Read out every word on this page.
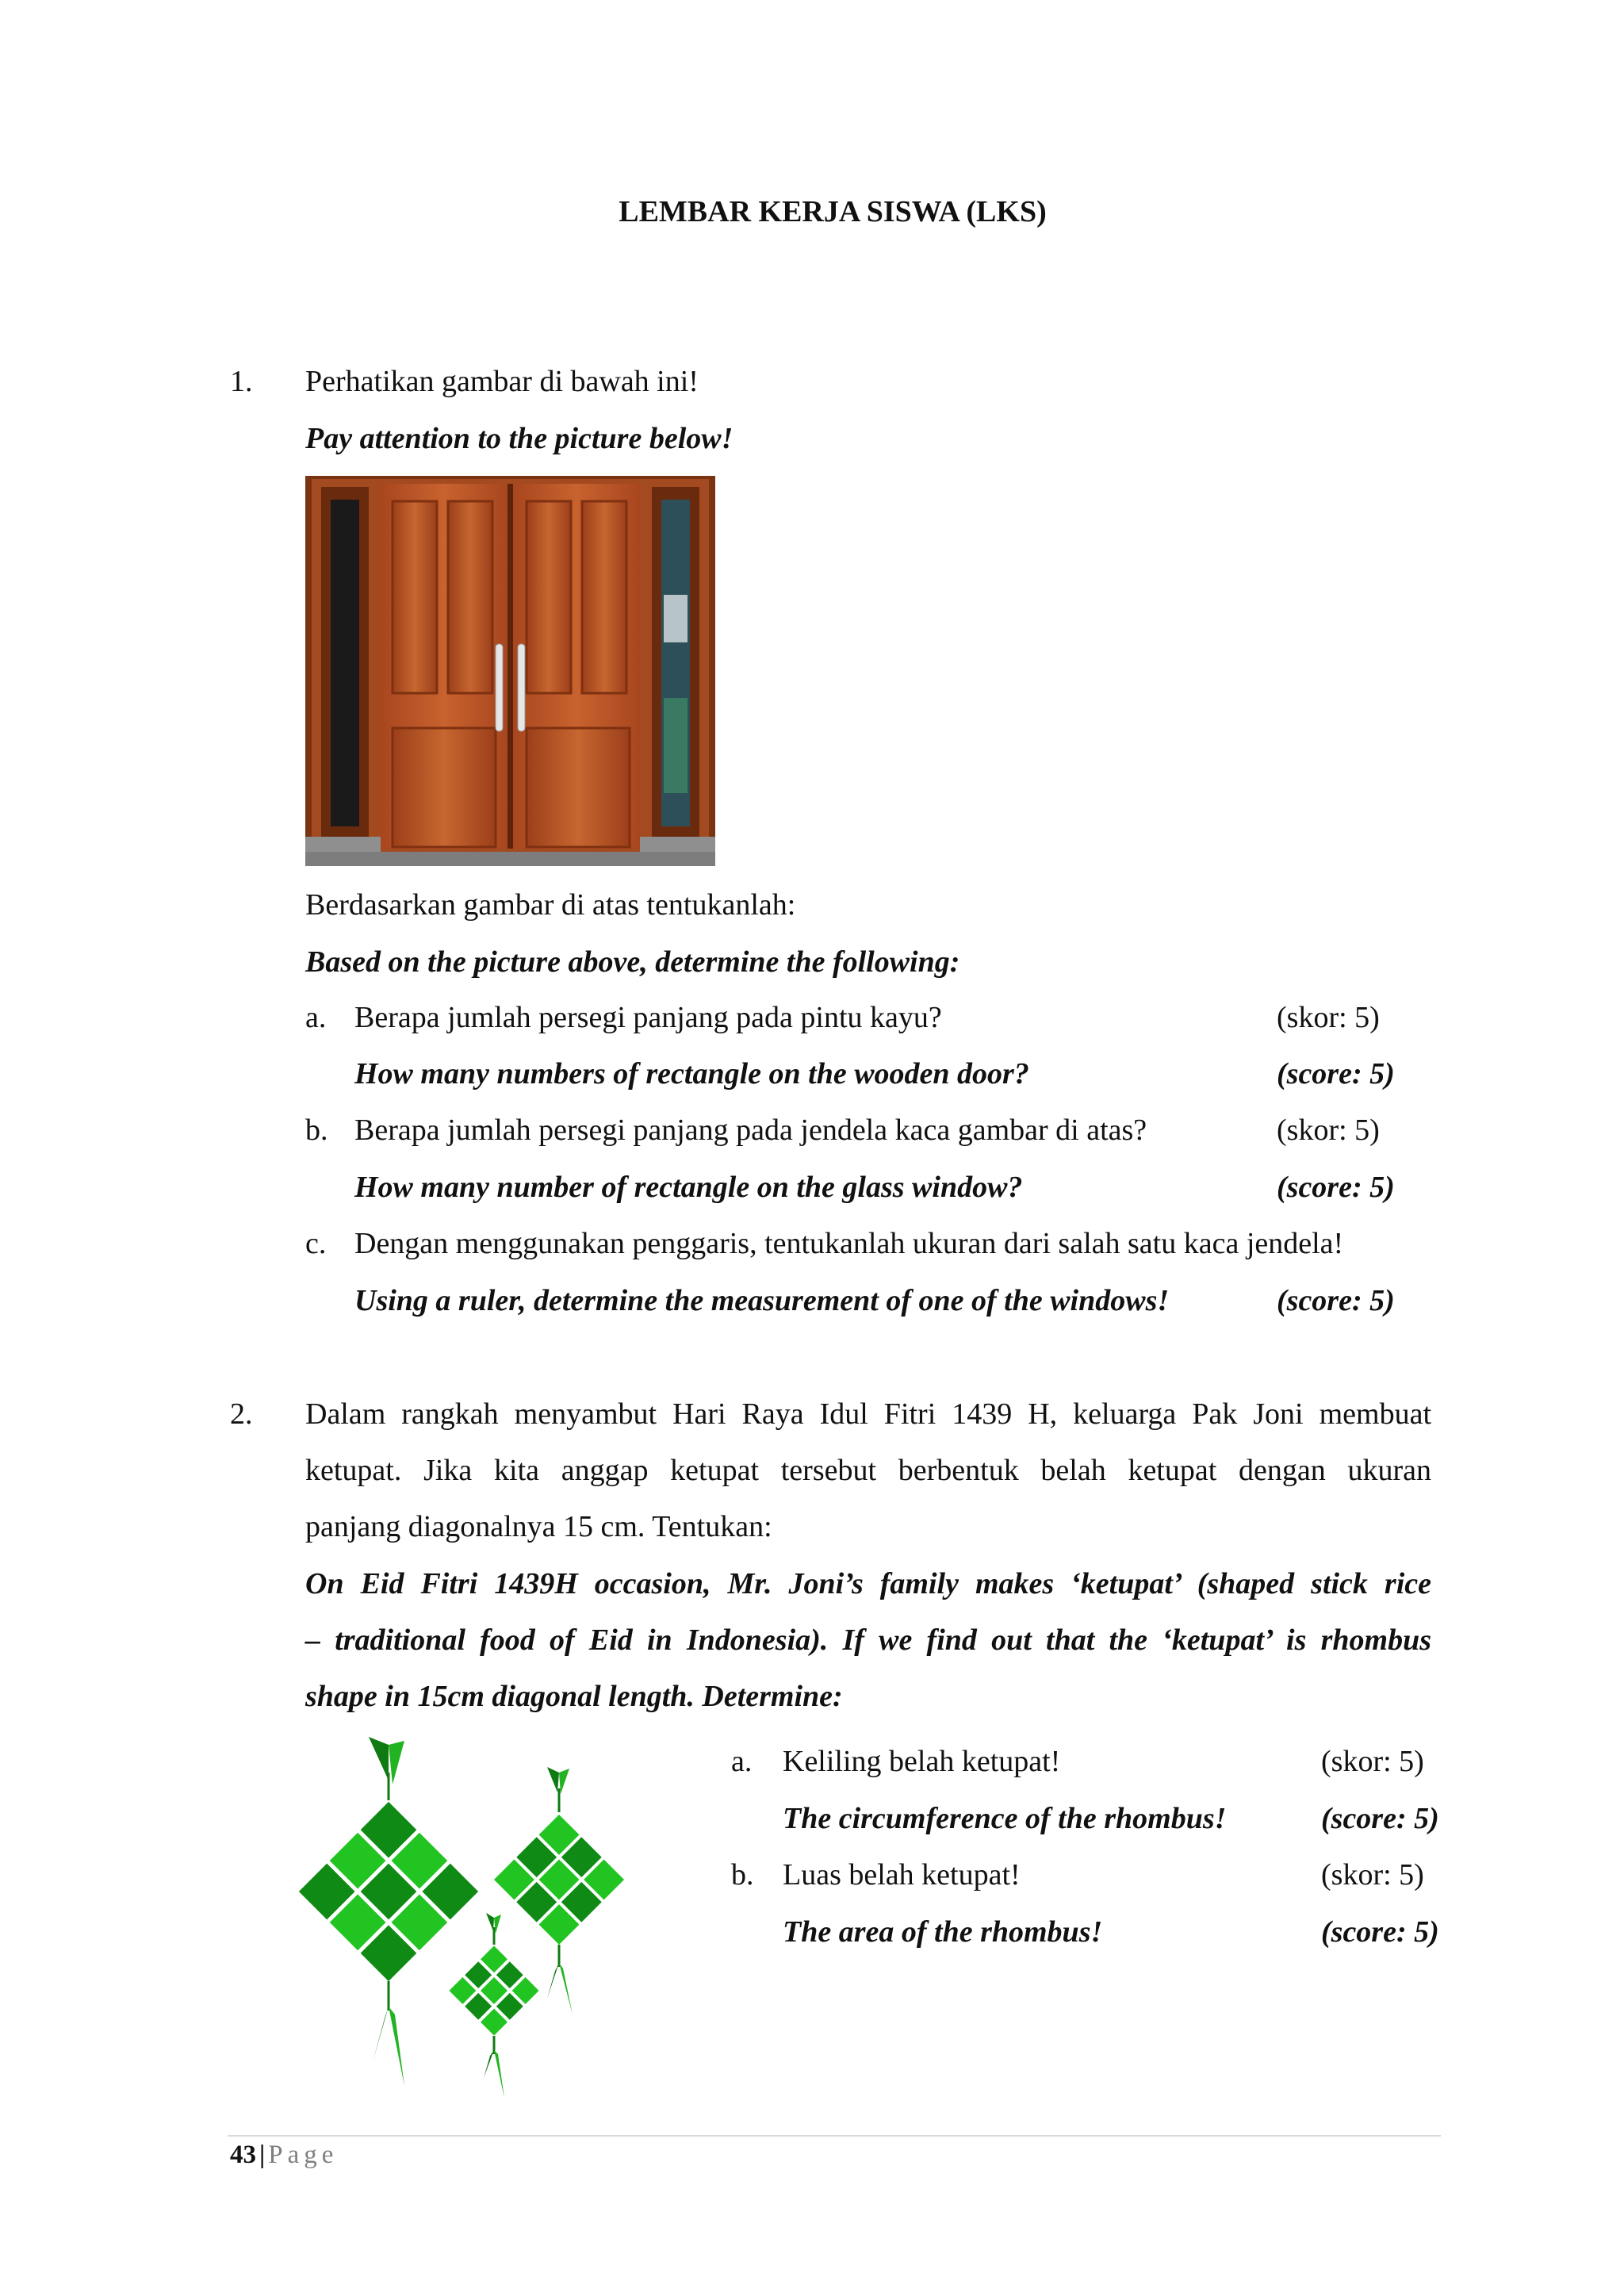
LEMBAR KERJA SISWA (LKS)
1. Perhatikan gambar di bawah ini!
Pay attention to the picture below!
Berdasarkan gambar di atas tentukanlah:
Based on the picture above, determine the following:
a. Berapa jumlah persegi panjang pada pintu kayu?	(skor: 5)
How many numbers of rectangle on the wooden door?	(score: 5)
b. Berapa jumlah persegi panjang pada jendela kaca gambar di atas?	(skor: 5)
How many number of rectangle on the glass window?	(score: 5)
c. Dengan menggunakan penggaris, tentukanlah ukuran dari salah satu kaca jendela!
Using a ruler, determine the measurement of one of the windows!	(score: 5)
2. Dalam rangkah menyambut Hari Raya Idul Fitri 1439 H, keluarga Pak Joni membuat
ketupat. Jika kita anggap ketupat tersebut berbentuk belah ketupat dengan ukuran
panjang diagonalnya 15 cm. Tentukan:
On Eid Fitri 1439H occasion, Mr. Joni’s family makes ‘ketupat’ (shaped stick rice
– traditional food of Eid in Indonesia). If we find out that the ‘ketupat’ is rhombus
shape in 15cm diagonal length. Determine:
a. Keliling belah ketupat!	(skor: 5)
The circumference of the rhombus!	(score: 5)
b. Luas belah ketupat!	(skor: 5)
The area of the rhombus!	(score: 5)
43 | Page
